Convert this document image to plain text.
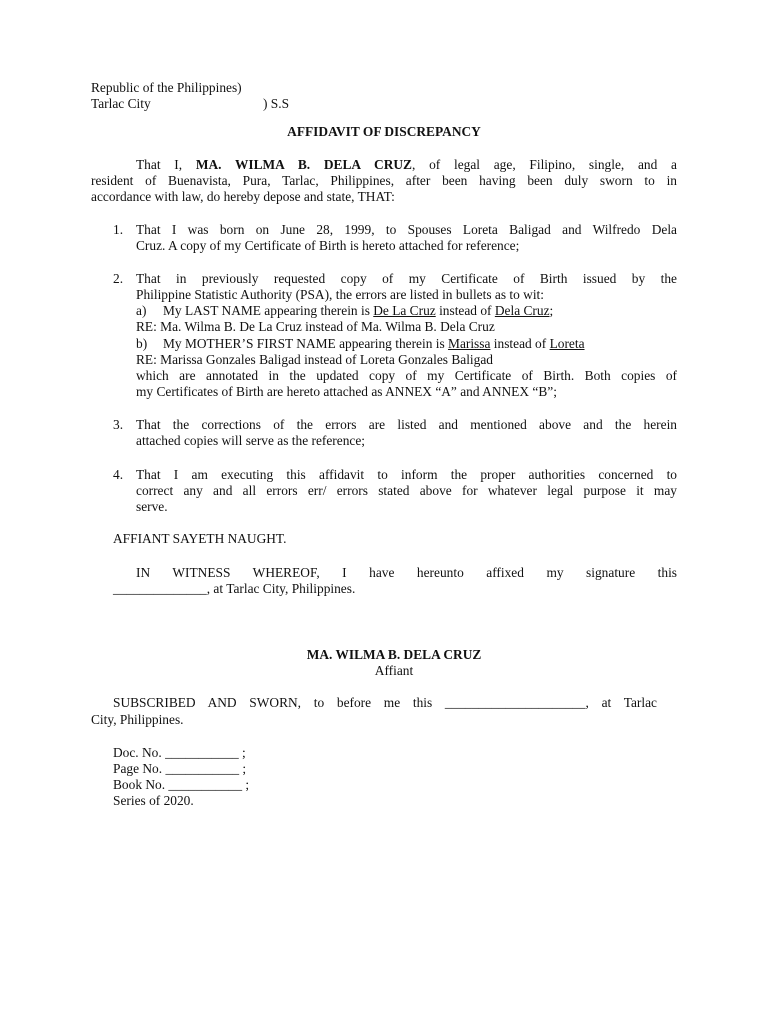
Republic of the Philippines)
Tarlac City	) S.S
AFFIDAVIT OF DISCREPANCY
That I, MA. WILMA B. DELA CRUZ, of legal age, Filipino, single, and a
resident of Buenavista, Pura, Tarlac, Philippines, after been having been duly sworn to in
accordance with law, do hereby depose and state, THAT:
1. That I was born on June 28, 1999, to Spouses Loreta Baligad and Wilfredo Dela
Cruz. A copy of my Certificate of Birth is hereto attached for reference;
2. That in previously requested copy of my Certificate of Birth issued by the
Philippine Statistic Authority (PSA), the errors are listed in bullets as to wit:
a) My LAST NAME appearing therein is De La Cruz instead of Dela Cruz;
RE: Ma. Wilma B. De La Cruz instead of Ma. Wilma B. Dela Cruz
b) My MOTHER’S FIRST NAME appearing therein is Marissa instead of Loreta
RE: Marissa Gonzales Baligad instead of Loreta Gonzales Baligad
which are annotated in the updated copy of my Certificate of Birth. Both copies of
my Certificates of Birth are hereto attached as ANNEX “A” and ANNEX “B”;
3. That the corrections of the errors are listed and mentioned above and the herein
attached copies will serve as the reference;
4. That I am executing this affidavit to inform the proper authorities concerned to
correct any and all errors err/ errors stated above for whatever legal purpose it may
serve.
AFFIANT SAYETH NAUGHT.
IN WITNESS WHEREOF, I have hereunto affixed my signature this
______________, at Tarlac City, Philippines.
MA. WILMA B. DELA CRUZ
Affiant
SUBSCRIBED AND SWORN, to before me this _____________________, at Tarlac
City, Philippines.
Doc. No. ___________ ;
Page No. ___________ ;
Book No. ___________ ;
Series of 2020.
